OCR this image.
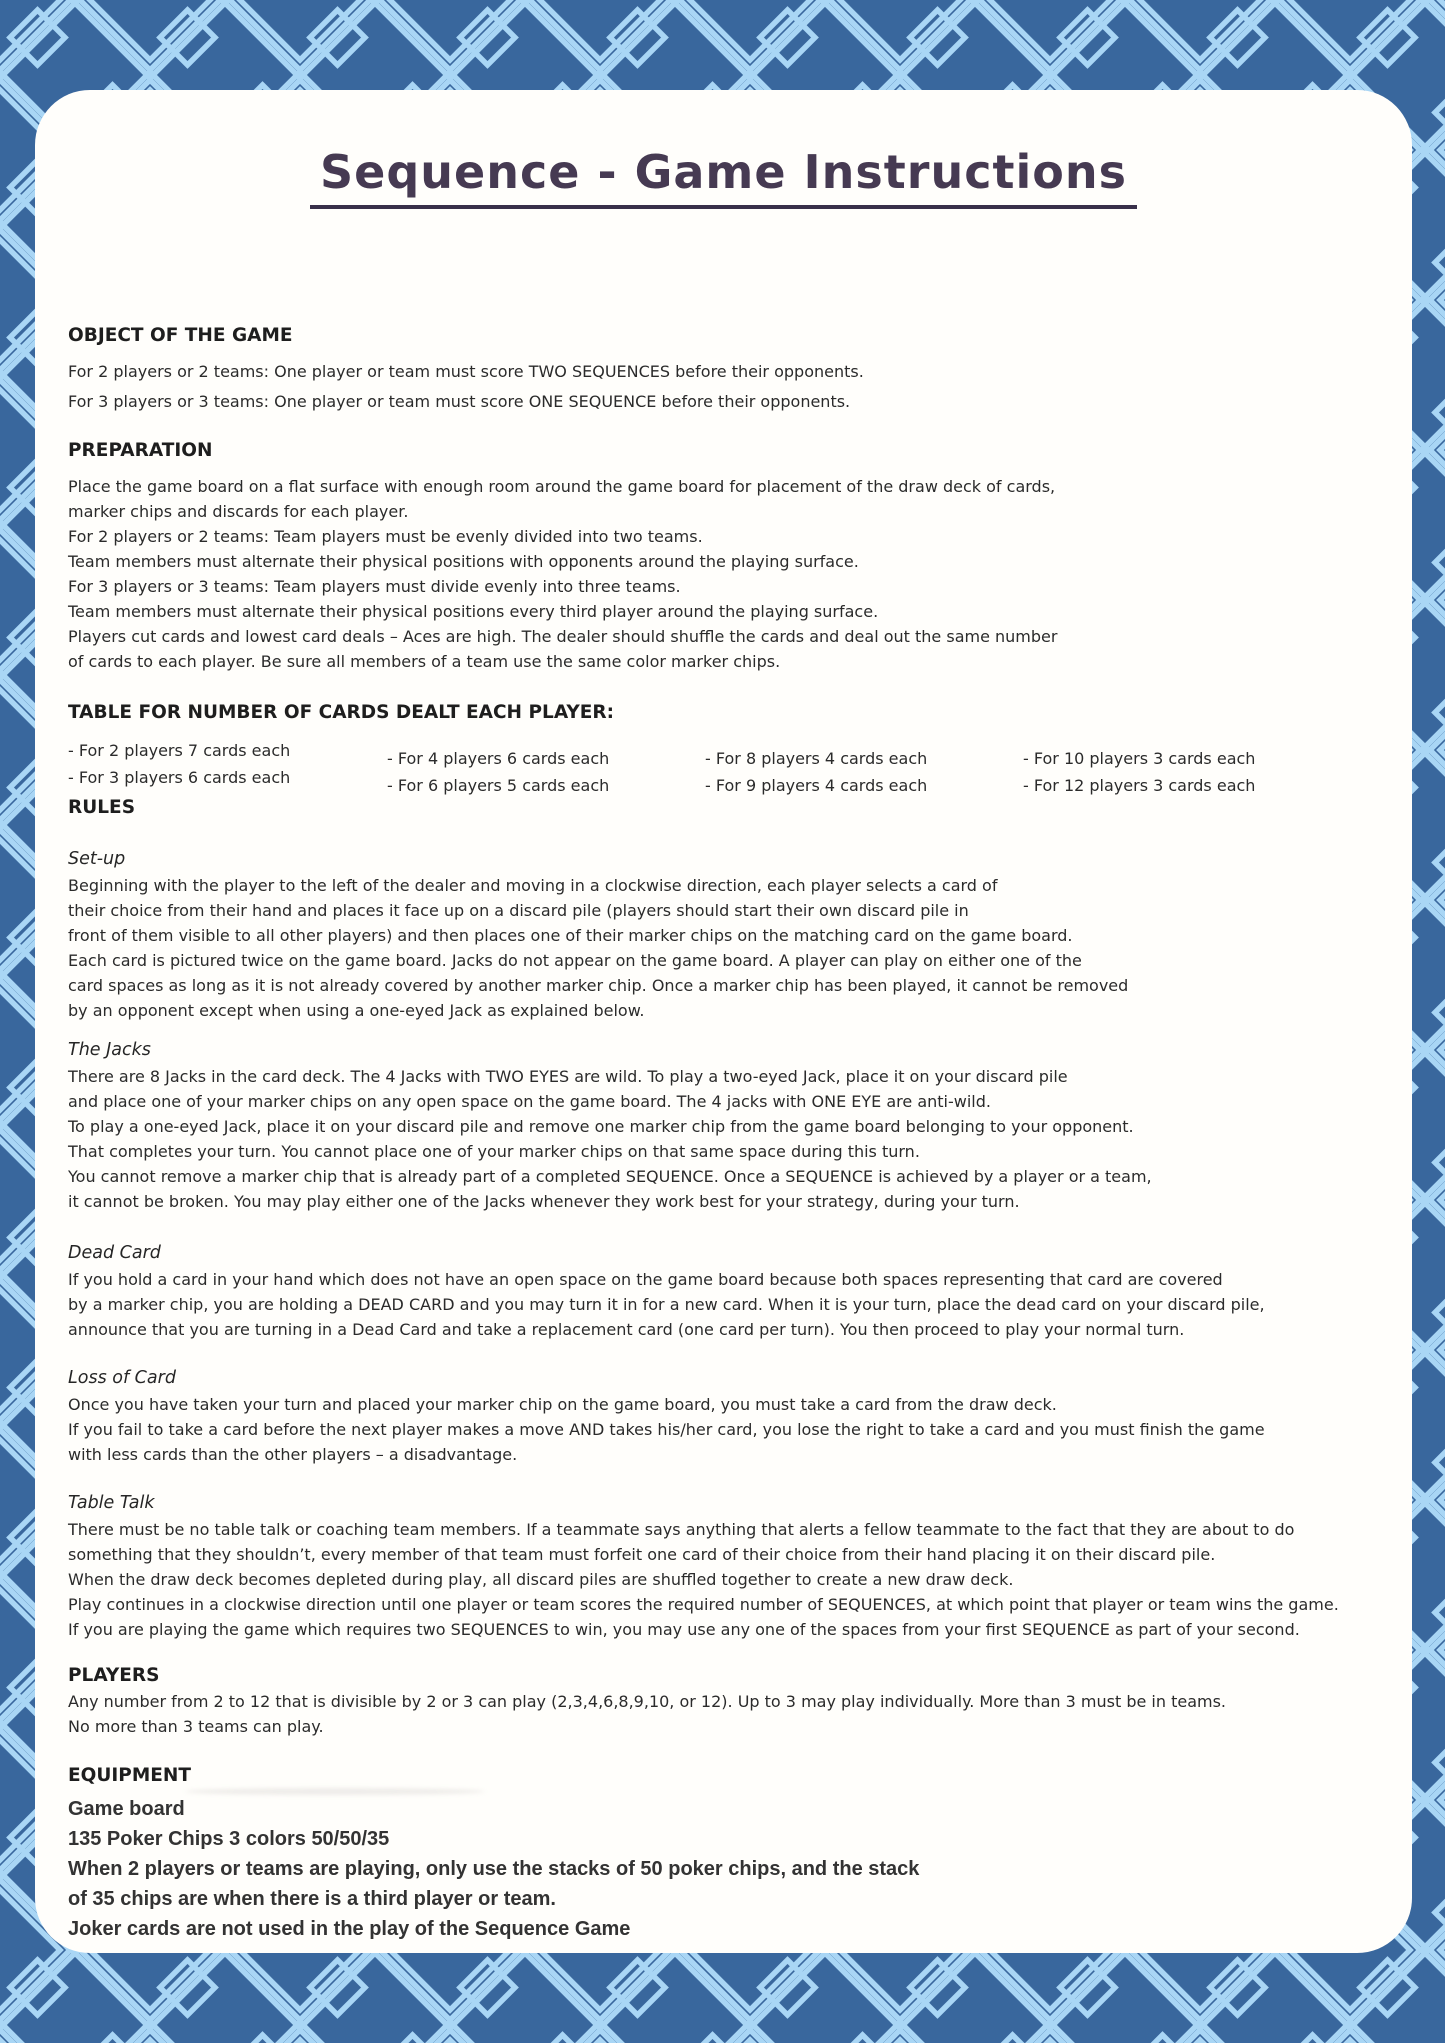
Sequence - Game Instructions
OBJECT OF THE GAME
For 2 players or 2 teams: One player or team must score TWO SEQUENCES before their opponents.
For 3 players or 3 teams: One player or team must score ONE SEQUENCE before their opponents.
PREPARATION
Place the game board on a flat surface with enough room around the game board for placement of the draw deck of cards,
marker chips and discards for each player.
For 2 players or 2 teams: Team players must be evenly divided into two teams.
Team members must alternate their physical positions with opponents around the playing surface.
For 3 players or 3 teams: Team players must divide evenly into three teams.
Team members must alternate their physical positions every third player around the playing surface.
Players cut cards and lowest card deals – Aces are high. The dealer should shuffle the cards and deal out the same number
of cards to each player. Be sure all members of a team use the same color marker chips.
TABLE FOR NUMBER OF CARDS DEALT EACH PLAYER:
- For 2 players 7 cards each
- For 3 players 6 cards each
- For 4 players 6 cards each
- For 6 players 5 cards each
- For 8 players 4 cards each
- For 9 players 4 cards each
- For 10 players 3 cards each
- For 12 players 3 cards each
RULES
Set-up
Beginning with the player to the left of the dealer and moving in a clockwise direction, each player selects a card of
their choice from their hand and places it face up on a discard pile (players should start their own discard pile in
front of them visible to all other players) and then places one of their marker chips on the matching card on the game board.
Each card is pictured twice on the game board. Jacks do not appear on the game board. A player can play on either one of the
card spaces as long as it is not already covered by another marker chip. Once a marker chip has been played, it cannot be removed
by an opponent except when using a one-eyed Jack as explained below.
The Jacks
There are 8 Jacks in the card deck. The 4 Jacks with TWO EYES are wild. To play a two-eyed Jack, place it on your discard pile
and place one of your marker chips on any open space on the game board. The 4 jacks with ONE EYE are anti-wild.
To play a one-eyed Jack, place it on your discard pile and remove one marker chip from the game board belonging to your opponent.
That completes your turn. You cannot place one of your marker chips on that same space during this turn.
You cannot remove a marker chip that is already part of a completed SEQUENCE. Once a SEQUENCE is achieved by a player or a team,
it cannot be broken. You may play either one of the Jacks whenever they work best for your strategy, during your turn.
Dead Card
If you hold a card in your hand which does not have an open space on the game board because both spaces representing that card are covered
by a marker chip, you are holding a DEAD CARD and you may turn it in for a new card. When it is your turn, place the dead card on your discard pile,
announce that you are turning in a Dead Card and take a replacement card (one card per turn). You then proceed to play your normal turn.
Loss of Card
Once you have taken your turn and placed your marker chip on the game board, you must take a card from the draw deck.
If you fail to take a card before the next player makes a move AND takes his/her card, you lose the right to take a card and you must finish the game
with less cards than the other players – a disadvantage.
Table Talk
There must be no table talk or coaching team members. If a teammate says anything that alerts a fellow teammate to the fact that they are about to do
something that they shouldn’t, every member of that team must forfeit one card of their choice from their hand placing it on their discard pile.
When the draw deck becomes depleted during play, all discard piles are shuffled together to create a new draw deck.
Play continues in a clockwise direction until one player or team scores the required number of SEQUENCES, at which point that player or team wins the game.
If you are playing the game which requires two SEQUENCES to win, you may use any one of the spaces from your first SEQUENCE as part of your second.
PLAYERS
Any number from 2 to 12 that is divisible by 2 or 3 can play (2,3,4,6,8,9,10, or 12). Up to 3 may play individually. More than 3 must be in teams.
No more than 3 teams can play.
EQUIPMENT
Game board
135 Poker Chips 3 colors 50/50/35
When 2 players or teams are playing, only use the stacks of 50 poker chips, and the stack
of 35 chips are when there is a third player or team.
Joker cards are not used in the play of the Sequence Game
